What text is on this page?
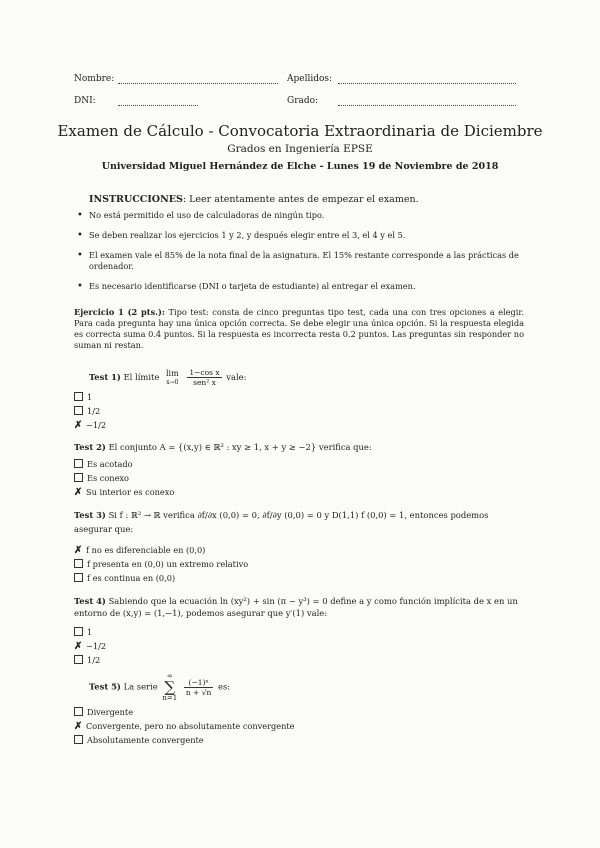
Nombre:	Apellidos:
DNI:	Grado:
Examen de Cálculo - Convocatoria Extraordinaria de Diciembre
Grados en Ingeniería EPSE
Universidad Miguel Hernández de Elche - Lunes 19 de Noviembre de 2018
INSTRUCCIONES: Leer atentamente antes de empezar el examen.
• No está permitido el uso de calculadoras de ningún tipo.
• Se deben realizar los ejercicios 1 y 2, y después elegir entre el 3, el 4 y el 5.
• El examen vale el 85% de la nota final de la asignatura. El 15% restante corresponde a las prácticas de ordenador.
• Es necesario identificarse (DNI o tarjeta de estudiante) al entregar el examen.
Ejercicio 1 (2 pts.): Tipo test: consta de cinco preguntas tipo test, cada una con tres opciones a elegir. Para cada pregunta hay una única opción correcta. Se debe elegir una única opción. Si la respuesta elegida es correcta suma 0.4 puntos. Si la respuesta es incorrecta resta 0.2 puntos. Las preguntas sin responder no suman ni restan.
Test 1) El límite lim
x→0
$\frac{\text{1−cos x}}{\text{sen² x}}$ vale:
1
1/2
✗ −1/2
Test 2) El conjunto A = {(x,y) ∈ ℝ² : xy ≥ 1, x + y ≥ −2} verifica que:
Es acotado
Es conexo
✗ Su interior es conexo
Test 3) Si f : ℝ² → ℝ verifica ∂f/∂x (0,0) = 0, ∂f/∂y (0,0) = 0 y D(1,1) f (0,0) = 1, entonces podemos asegurar que:
✗ f no es diferenciable en (0,0)
f presenta en (0,0) un extremo relativo
f es continua en (0,0)
Test 4) Sabiendo que la ecuación ln (xy²) + sin (π − y³) = 0 define a y como función implícita de x en un entorno de (x,y) = (1,−1), podemos asegurar que y′(1) vale:
1
✗ −1/2
1/2
Test 5) La serie ∞
∑
n=1
$\frac{\text{(−1)ⁿ}}{n + √n}$ es:
Divergente
✗ Convergente, pero no absolutamente convergente
Absolutamente convergente
